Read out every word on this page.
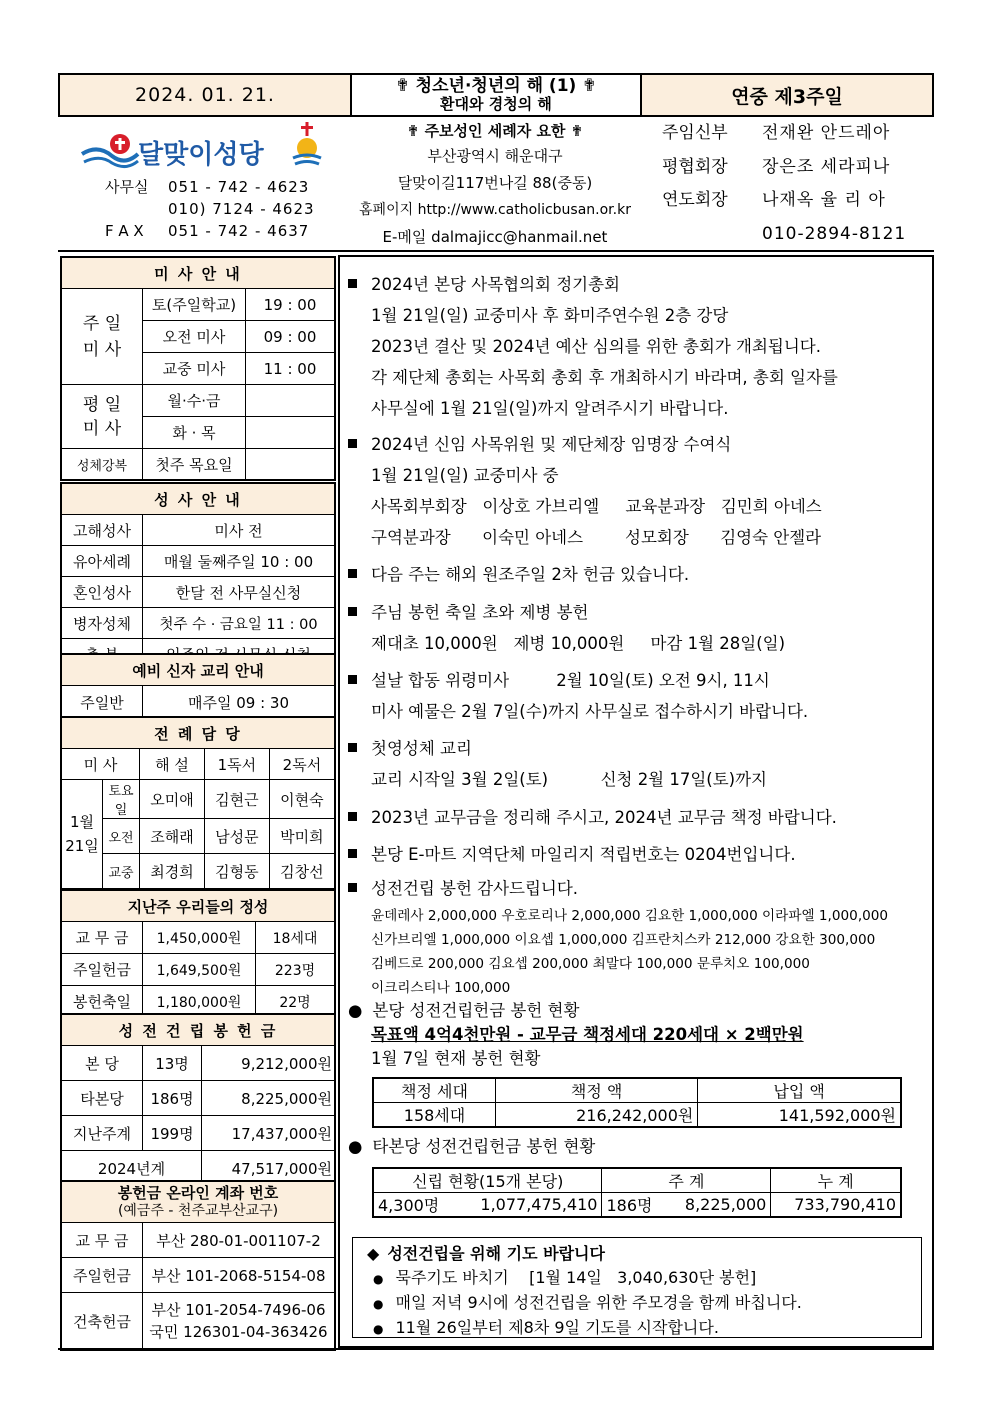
2024. 01. 21.	✟ 청소년·청년의 해 (1) ✟
환대와 경청의 해	연중 제3주일
달맞이성당
사무실 051 - 742 - 4623
010) 7124 - 4623
F A X 051 - 742 - 4637
✟ 주보성인 세례자 요한 ✟
부산광역시 해운대구
달맞이길117번나길 88(중동)
홈페이지 http://www.catholicbusan.or.kr
E-메일 dalmajicc@hanmail.net
주임신부 전재완 안드레아
평협회장 장은조 세라피나
연도회장 나재옥 율 리 아
010-2894-8121
미 사 안 내		
주 일
미 사	토(주일학교)	19 : 00
	오전 미사	09 : 00
	교중 미사	11 : 00
평 일
미 사	월·수·금	
	화 · 목	
성체강복	첫주 목요일	
성 사 안 내	
고해성사	미사 전
유아세례	매월 둘째주일 10 : 00
혼인성사	한달 전 사무실신청
병자성체	첫주 수 · 금요일 11 : 00

예비 신자 교리 안내
주일반	매주일 09 : 30
전 례 담 당				
미 사		해 설	1독서	2독서
1월
21일	토요일	오미애	김현근	이현숙
	오전	조해래	남성문	박미희
	교중	최경희	김형동	김창선
지난주 우리들의 정성		
교 무 금	1,450,000원	18세대
주일헌금	1,649,500원	223명
봉헌축일	1,180,000원	22명
성 전 건 립 봉 헌 금		
본 당	13명	9,212,000원
타본당	186명	8,225,000원
지난주계	199명	17,437,000원
2024년계		47,517,000원
봉헌금 온라인 계좌 번호
(예금주 - 천주교부산교구)	

교 무 금	부산 280-01-001107-2
주일헌금	부산 101-2068-5154-08
건축헌금	부산 101-2054-7496-06
국민 126301-04-363426
2024년 본당 사목협의회 정기총회
1월 21일(일) 교중미사 후 화미주연수원 2층 강당
2023년 결산 및 2024년 예산 심의를 위한 총회가 개최됩니다.
각 제단체 총회는 사목회 총회 후 개최하시기 바라며, 총회 일자를
사무실에 1월 21일(일)까지 알려주시기 바랍니다.
2024년 신임 사목위원 및 제단체장 임명장 수여식
1월 21일(일) 교중미사 중
사목회부회장   이상호 가브리엘     교육분과장   김민희 아네스
구역분과장      이숙민 아네스        성모회장      김영숙 안젤라
다음 주는 해외 원조주일 2차 헌금 있습니다.
주님 봉헌 축일 초와 제병 봉헌
제대초 10,000원   제병 10,000원     마감 1월 28일(일)
설날 합동 위령미사         2월 10일(토) 오전 9시, 11시
미사 예물은 2월 7일(수)까지 사무실로 접수하시기 바랍니다.
첫영성체 교리
교리 시작일 3월 2일(토)          신청 2월 17일(토)까지
2023년 교무금을 정리해 주시고, 2024년 교무금 책정 바랍니다.
본당 E-마트 지역단체 마일리지 적립번호는 0204번입니다.
성전건립 봉헌 감사드립니다.
윤데레사 2,000,000 우호로리나 2,000,000 김요한 1,000,000 이라파엘 1,000,000
신가브리엘 1,000,000 이요셉 1,000,000 김프란치스카 212,000 강요한 300,000
김베드로 200,000 김요셉 200,000 최말다 100,000 문루치오 100,000
이크리스티나 100,000
● 본당 성전건립헌금 봉헌 현황
목표액 4억4천만원 - 교무금 책정세대 220세대 × 2백만원
1월 7일 현재 봉헌 현황
책정 세대	책정 액	납입 액
158세대	216,242,000원	141,592,000원
● 타본당 성전건립헌금 봉헌 현황
신립 현황(15개 본당)		주 계		누 계
4,300명	1,077,475,410	186명	8,225,000	733,790,410
◆ 성전건립을 위해 기도 바랍니다
● 묵주기도 바치기    [1월 14일   3,040,630단 봉헌]
● 매일 저녁 9시에 성전건립을 위한 주모경을 함께 바칩니다.
● 11월 26일부터 제8차 9일 기도를 시작합니다.
